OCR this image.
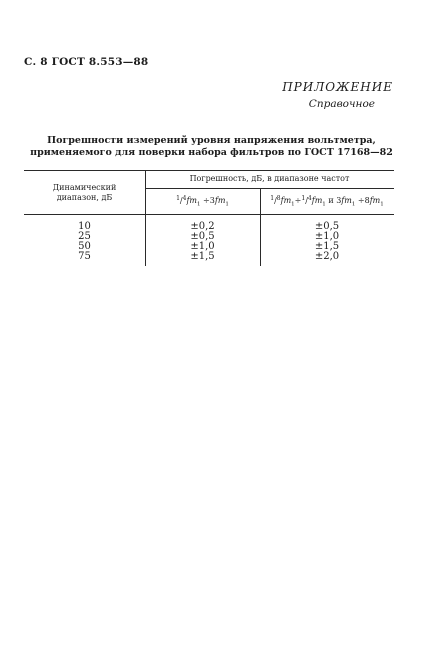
С. 8 ГОСТ 8.553—88
ПРИЛОЖЕНИЕ
Справочное
Погрешности измерений уровня напряжения вольтметра,
применяемого для поверки набора фильтров по ГОСТ 17168—82
Динамический
диапазон, дБ
Погрешность, дБ, в диапазоне частот
$^1/^4fm_1 \div 3fm_1$
$^1/^8fm_1\div^1/^4fm_1$ и $3fm_1 \div 8fm_1$
10
25
50
75
±0,2
±0,5
±1,0
±1,5
±0,5
±1,0
±1,5
±2,0
